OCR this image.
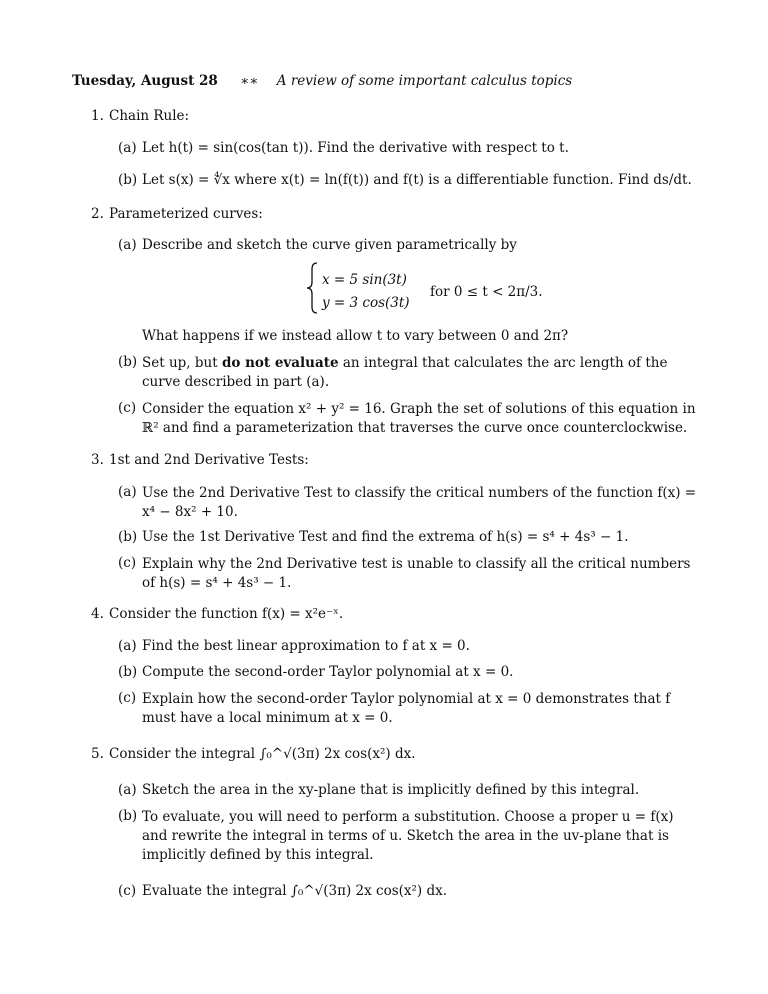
Tuesday, August 28 ∗∗ A review of some important calculus topics
1. Chain Rule:
(a) Let h(t) = sin(cos(tan t)). Find the derivative with respect to t.
(b) Let s(x) = ∜x where x(t) = ln(f(t)) and f(t) is a differentiable function. Find ds/dt.
2. Parameterized curves:
(a) Describe and sketch the curve given parametrically by
x = 5 sin(3t)
y = 3 cos(3t)
for 0 ≤ t < 2π/3.
What happens if we instead allow t to vary between 0 and 2π?
(b) Set up, but do not evaluate an integral that calculates the arc length of the curve described in part (a).
(c) Consider the equation x² + y² = 16. Graph the set of solutions of this equation in ℝ² and find a parameterization that traverses the curve once counterclockwise.
3. 1st and 2nd Derivative Tests:
(a) Use the 2nd Derivative Test to classify the critical numbers of the function f(x) = x⁴ − 8x² + 10.
(b) Use the 1st Derivative Test and find the extrema of h(s) = s⁴ + 4s³ − 1.
(c) Explain why the 2nd Derivative test is unable to classify all the critical numbers of h(s) = s⁴ + 4s³ − 1.
4. Consider the function f(x) = x²e⁻ˣ.
(a) Find the best linear approximation to f at x = 0.
(b) Compute the second-order Taylor polynomial at x = 0.
(c) Explain how the second-order Taylor polynomial at x = 0 demonstrates that f must have a local minimum at x = 0.
5. Consider the integral ∫₀^√(3π) 2x cos(x²) dx.
(a) Sketch the area in the xy-plane that is implicitly defined by this integral.
(b) To evaluate, you will need to perform a substitution. Choose a proper u = f(x) and rewrite the integral in terms of u. Sketch the area in the uv-plane that is implicitly defined by this integral.
(c) Evaluate the integral ∫₀^√(3π) 2x cos(x²) dx.
